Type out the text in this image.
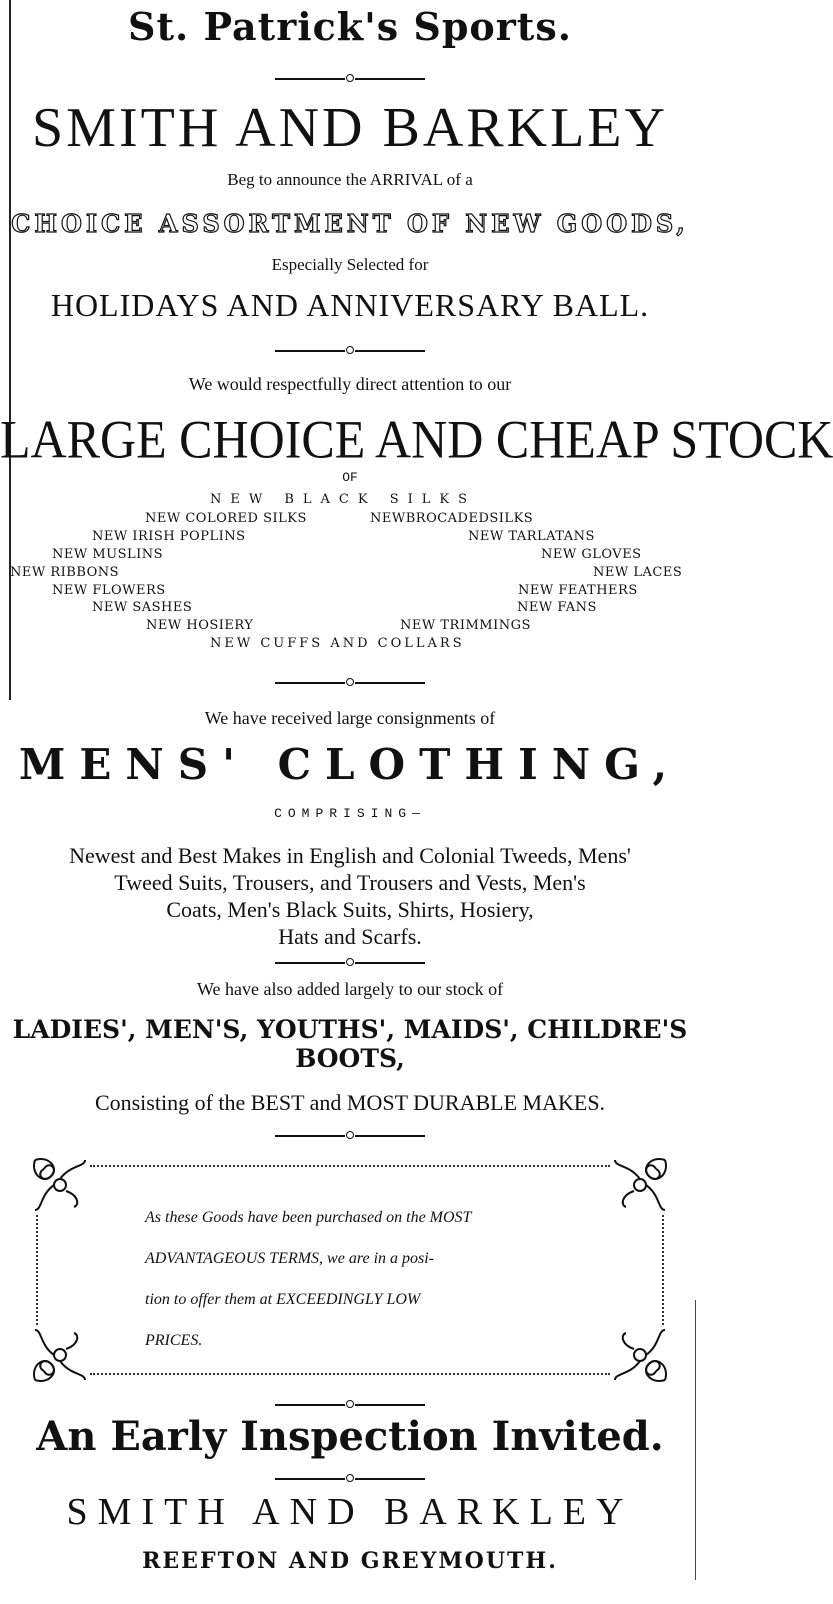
St. Patrick's Sports.
SMITH AND BARKLEY
Beg to announce the ARRIVAL of a
CHOICE ASSORTMENT OF NEW GOODS,
Especially Selected for
HOLIDAYS AND ANNIVERSARY BALL.
We would respectfully direct attention to our
LARGE CHOICE AND CHEAP STOCK
OF
NEW BLACK SILKS
NEW COLORED SILKS	NEWBROCADEDSILKS
NEW IRISH POPLINS	NEW TARLATANS
NEW MUSLINS	NEW GLOVES
NEW RIBBONS	NEW LACES
NEW FLOWERS	NEW FEATHERS
NEW SASHES	NEW FANS
NEW HOSIERY	NEW TRIMMINGS
NEW CUFFS AND COLLARS
We have received large consignments of
MENS' CLOTHING,
COMPRISING—
Newest and Best Makes in English and Colonial Tweeds, Mens'
Tweed Suits, Trousers, and Trousers and Vests, Men's
Coats, Men's Black Suits, Shirts, Hosiery,
Hats and Scarfs.
We have also added largely to our stock of
LADIES', MEN'S, YOUTHS', MAIDS', CHILDRE'S
BOOTS,
Consisting of the BEST and MOST DURABLE MAKES.
As these Goods have been purchased on the MOST
ADVANTAGEOUS TERMS, we are in a posi-
tion to offer them at EXCEEDINGLY LOW
PRICES.
An Early Inspection Invited.
SMITH AND BARKLEY
REEFTON AND GREYMOUTH.
